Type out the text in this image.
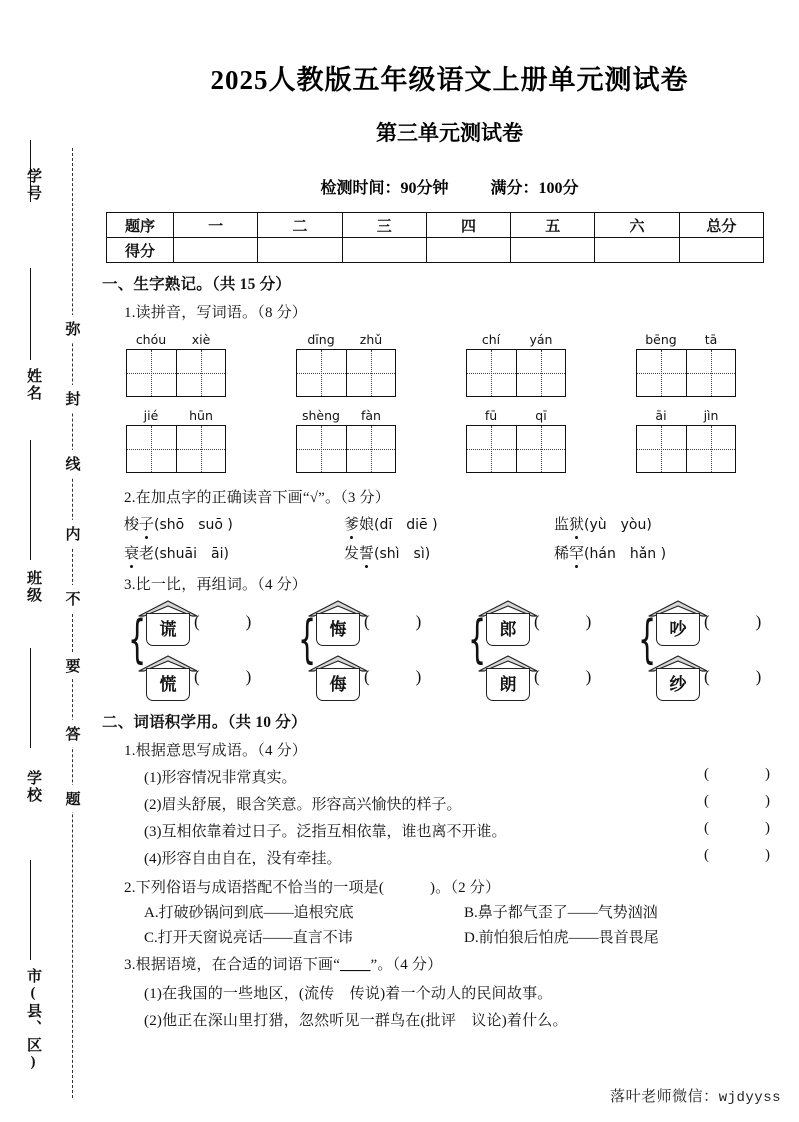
学号
姓名
班级
学校
市(县、区)
弥
封
线
内
不
要
答
题
2025人教版五年级语文上册单元测试卷
第三单元测试卷
检测时间：90分钟	满分：100分
题序	一	二	三	四	五	六	总分
得分							
一、生字熟记。（共 15 分）
1.读拼音，写词语。（8 分）
chóu	xiè	dīng	zhǔ	chí	yán	bēng	tā
jié	hūn	shèng	fàn	fū	qī	āi	jìn
2.在加点字的正确读音下画“√”。（3 分）
梭子(shō　suō )	爹娘(dī　diē )	监狱(yù　yòu)
衰老(shuāi　āi)	发誓(shì　sì)	稀罕(hán　hǎn )
3.比一比，再组词。（4 分）
{ 谎	(	)
慌	(	)
{ 悔	(	)
侮	(	)
{ 郎	(	)
朗	(	)
{ 吵	(	)
纱	(	)
二、词语积学用。（共 10 分）
1.根据意思写成语。（4 分）
(1)形容情况非常真实。	(	)
(2)眉头舒展，眼含笑意。形容高兴愉快的样子。	(	)
(3)互相依靠着过日子。泛指互相依靠，谁也离不开谁。	(	)
(4)形容自由自在，没有牵挂。	(	)
2.下列俗语与成语搭配不恰当的一项是(	)。（2 分）
A.打破砂锅问到底——追根究底	B.鼻子都气歪了——气势汹汹
C.打开天窗说亮话——直言不讳	D.前怕狼后怕虎——畏首畏尾
3.根据语境，在合适的词语下画“＿＿”。（4 分）
(1)在我国的一些地区，(流传　传说)着一个动人的民间故事。
(2)他正在深山里打猎，忽然听见一群鸟在(批评　议论)着什么。
落叶老师微信：wjdyyss
